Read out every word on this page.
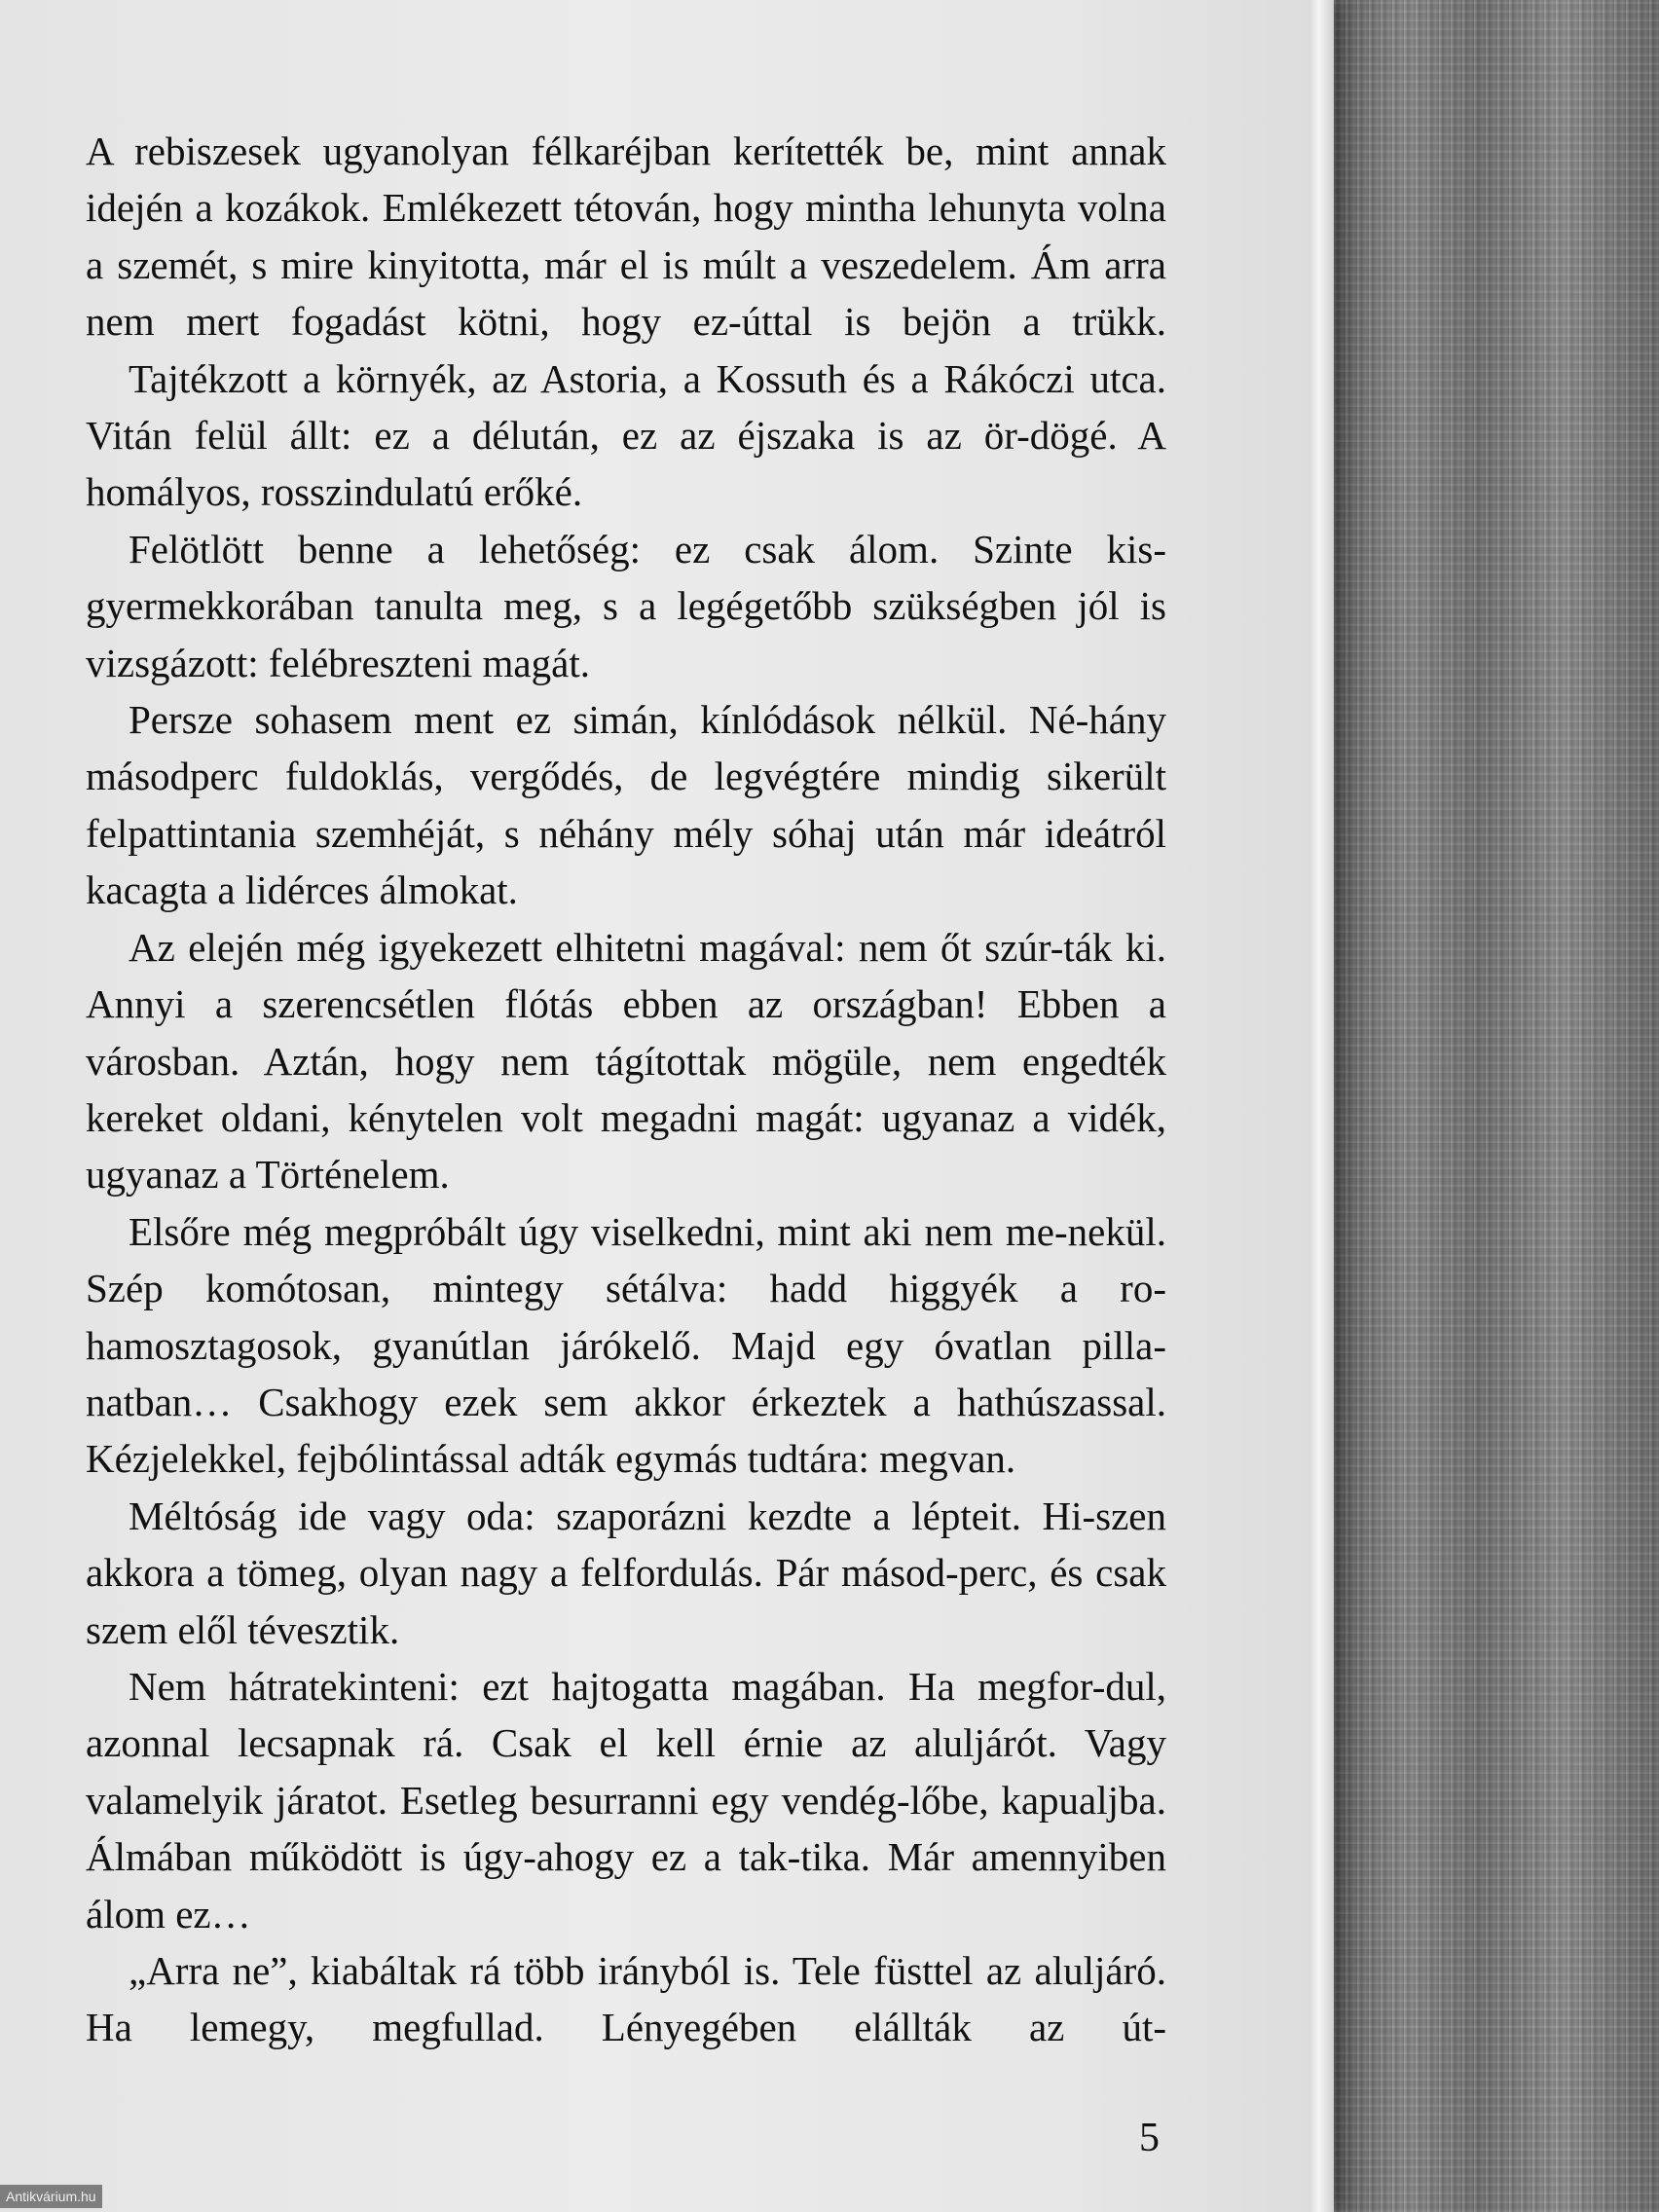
A rebiszesek ugyanolyan félkaréjban kerítették be, mint annak idején a kozákok. Emlékezett tétován, hogy mintha lehunyta volna a szemét, s mire kinyitotta, már el is múlt a veszedelem. Ám arra nem mert fogadást kötni, hogy ez-úttal is bejön a trükk.

Tajtékzott a környék, az Astoria, a Kossuth és a Rákóczi utca. Vitán felül állt: ez a délután, ez az éjszaka is az ör-dögé. A homályos, rosszindulatú erőké.

Felötlött benne a lehetőség: ez csak álom. Szinte kis-gyermekkorában tanulta meg, s a legégetőbb szükségben jól is vizsgázott: felébreszteni magát.

Persze sohasem ment ez simán, kínlódások nélkül. Né-hány másodperc fuldoklás, vergődés, de legvégtére mindig sikerült felpattintania szemhéját, s néhány mély sóhaj után már ideátról kacagta a lidérces álmokat.

Az elején még igyekezett elhitetni magával: nem őt szúr-ták ki. Annyi a szerencsétlen flótás ebben az országban! Ebben a városban. Aztán, hogy nem tágítottak mögüle, nem engedték kereket oldani, kénytelen volt megadni magát: ugyanaz a vidék, ugyanaz a Történelem.

Elsőre még megpróbált úgy viselkedni, mint aki nem me-nekül. Szép komótosan, mintegy sétálva: hadd higgyék a ro-hamosztagosok, gyanútlan járókelő. Majd egy óvatlan pilla-natban… Csakhogy ezek sem akkor érkeztek a hathúszassal. Kézjelekkel, fejbólintással adták egymás tudtára: megvan.

Méltóság ide vagy oda: szaporázni kezdte a lépteit. Hi-szen akkora a tömeg, olyan nagy a felfordulás. Pár másod-perc, és csak szem elől tévesztik.

Nem hátratekinteni: ezt hajtogatta magában. Ha megfor-dul, azonnal lecsapnak rá. Csak el kell érnie az aluljárót. Vagy valamelyik járatot. Esetleg besurranni egy vendég-lőbe, kapualjba. Álmában működött is úgy-ahogy ez a tak-tika. Már amennyiben álom ez…

„Arra ne”, kiabáltak rá több irányból is. Tele füsttel az aluljáró. Ha lemegy, megfullad. Lényegében elállták az út-

5
Antikvárium.hu
